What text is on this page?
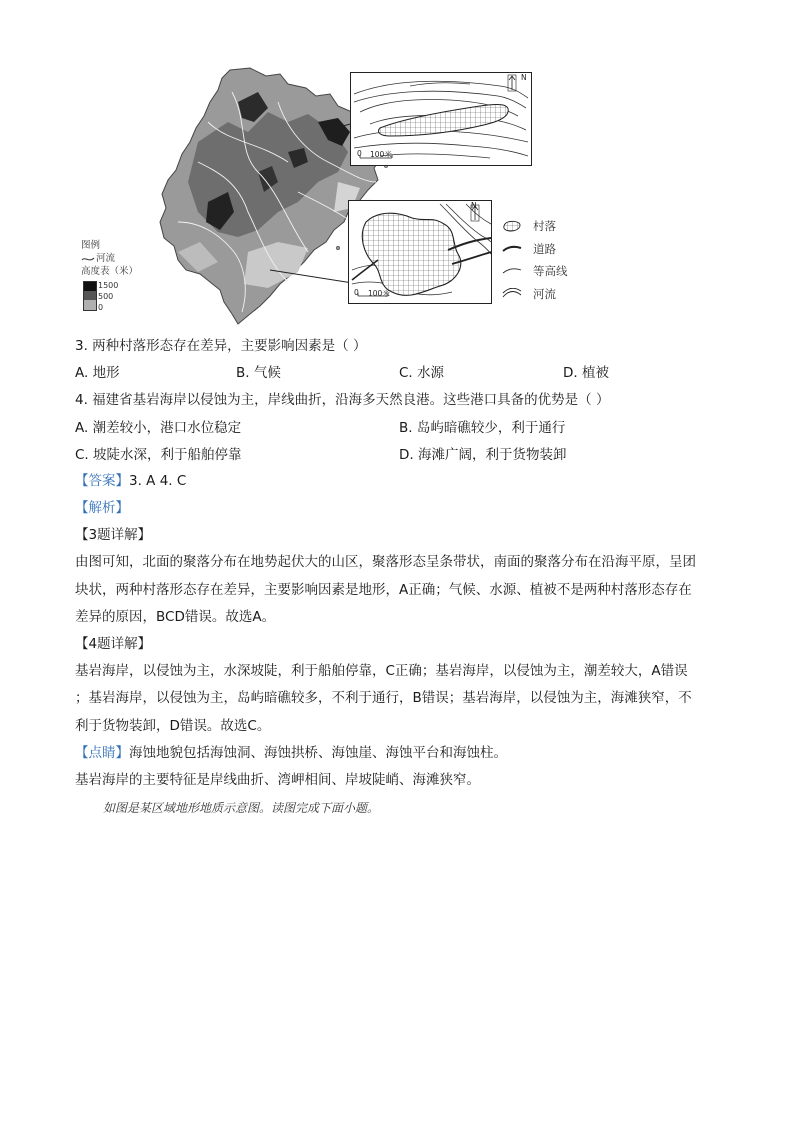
图例
河流
高度表（米）
1500
500
0
N
0 100米
N
0 100米
村落
道路
等高线
河流
3. 两种村落形态存在差异，主要影响因素是（ ）
A. 地形	B. 气候	C. 水源	D. 植被
4. 福建省基岩海岸以侵蚀为主，岸线曲折，沿海多天然良港。这些港口具备的优势是（ ）
A. 潮差较小，港口水位稳定	B. 岛屿暗礁较少，利于通行
C. 坡陡水深，利于船舶停靠	D. 海滩广阔，利于货物装卸
【答案】3. A 4. C
【解析】
【3题详解】
由图可知，北面的聚落分布在地势起伏大的山区，聚落形态呈条带状，南面的聚落分布在沿海平原，呈团
块状，两种村落形态存在差异，主要影响因素是地形，A正确；气候、水源、植被不是两种村落形态存在
差异的原因，BCD错误。故选A。
【4题详解】
基岩海岸，以侵蚀为主，水深坡陡，利于船舶停靠，C正确；基岩海岸，以侵蚀为主，潮差较大，A错误
；基岩海岸，以侵蚀为主，岛屿暗礁较多，不利于通行，B错误；基岩海岸，以侵蚀为主，海滩狭窄，不
利于货物装卸，D错误。故选C。
【点睛】海蚀地貌包括海蚀洞、海蚀拱桥、海蚀崖、海蚀平台和海蚀柱。
基岩海岸的主要特征是岸线曲折、湾岬相间、岸坡陡峭、海滩狭窄。
如图是某区域地形地质示意图。读图完成下面小题。
